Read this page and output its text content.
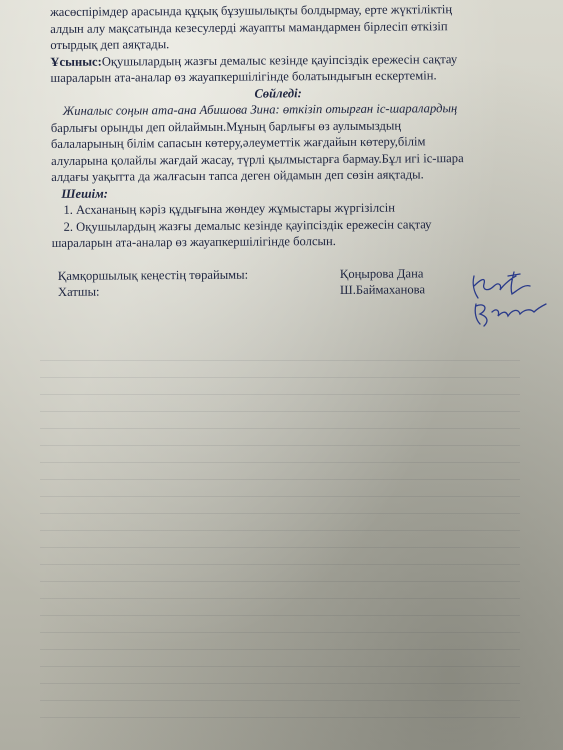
жасөспірімдер арасында құқық бұзушылықты болдырмау, ерте жүктіліктің
алдын алу мақсатында кезесулерді жауапты мамандармен бірлесіп өткізіп
отырдық деп аяқтады.
Ұсыныс:Оқушылардың жазғы демалыс кезінде қауіпсіздік ережесін сақтау
шараларын ата-аналар өз жауапкершілігінде болатындығын ескертемін.
Сөйледі:
Жиналыс соңын ата-ана Абишова Зина: өткізіп отырған іс-шаралардың
барлығы орынды деп ойлаймын.Мұның барлығы өз аулымыздың
балаларының білім сапасын көтеру,әлеуметтік жағдайын көтеру,білім
алуларына қолайлы жағдай жасау, түрлі қылмыстарға бармау.Бұл игі іс-шара
алдағы уақытта да жалғасын тапса деген ойдамын деп сөзін аяқтады.
Шешім:
1. Асхананың кәріз құдығына жөндеу жұмыстары жүргізілсін
2. Оқушылардың жазғы демалыс кезінде қауіпсіздік ережесін сақтау
шараларын ата-аналар өз жауапкершілігінде болсын.
Қамқоршылық кеңестің төрайымы:	Қоңырова Дана
Хатшы:	Ш.Баймаханова
